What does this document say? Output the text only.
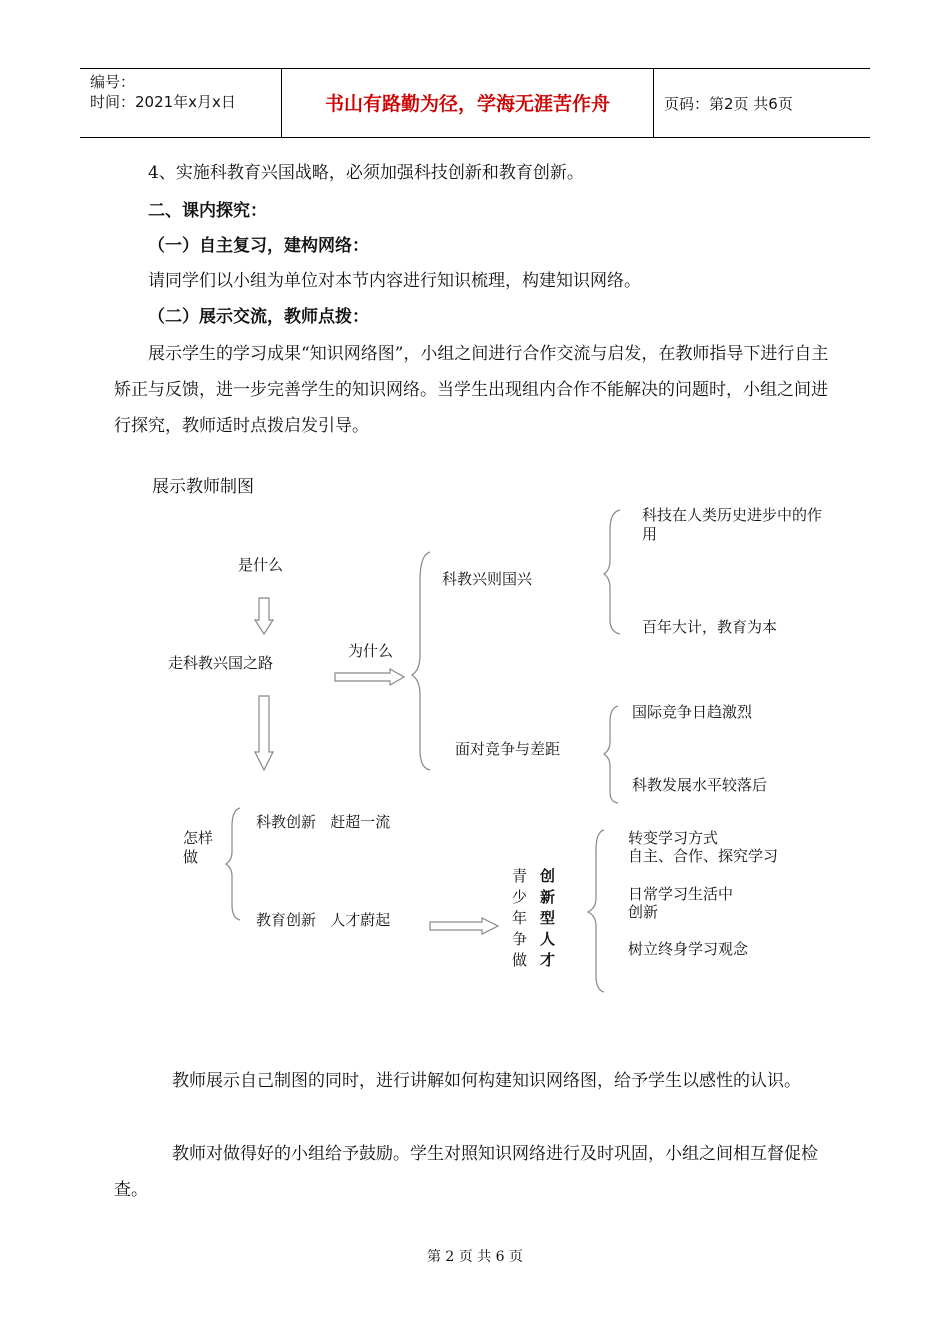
编号：
时间：2021年x月x日	书山有路勤为径，学海无涯苦作舟	页码：第2页 共6页
4、实施科教育兴国战略，必须加强科技创新和教育创新。
二、课内探究：
（一）自主复习，建构网络：
请同学们以小组为单位对本节内容进行知识梳理，构建知识网络。
（二）展示交流，教师点拨：
展示学生的学习成果“知识网络图”，小组之间进行合作交流与启发，在教师指导下进行自主矫正与反馈，进一步完善学生的知识网络。当学生出现组内合作不能解决的问题时，小组之间进行探究，教师适时点拨启发引导。
展示教师制图
是什么
走科教兴国之路
为什么
科教兴则国兴
科技在人类历史进步中的作用
百年大计，教育为本
面对竞争与差距
国际竞争日趋激烈
科教发展水平较落后
怎样做
科教创新   赶超一流
教育创新   人才蔚起
青少年争做
创新型人才
转变学习方式
自主、合作、探究学习
日常学习生活中
创新
树立终身学习观念
教师展示自己制图的同时，进行讲解如何构建知识网络图，给予学生以感性的认识。
教师对做得好的小组给予鼓励。学生对照知识网络进行及时巩固，小组之间相互督促检查。
第 2 页 共 6 页
